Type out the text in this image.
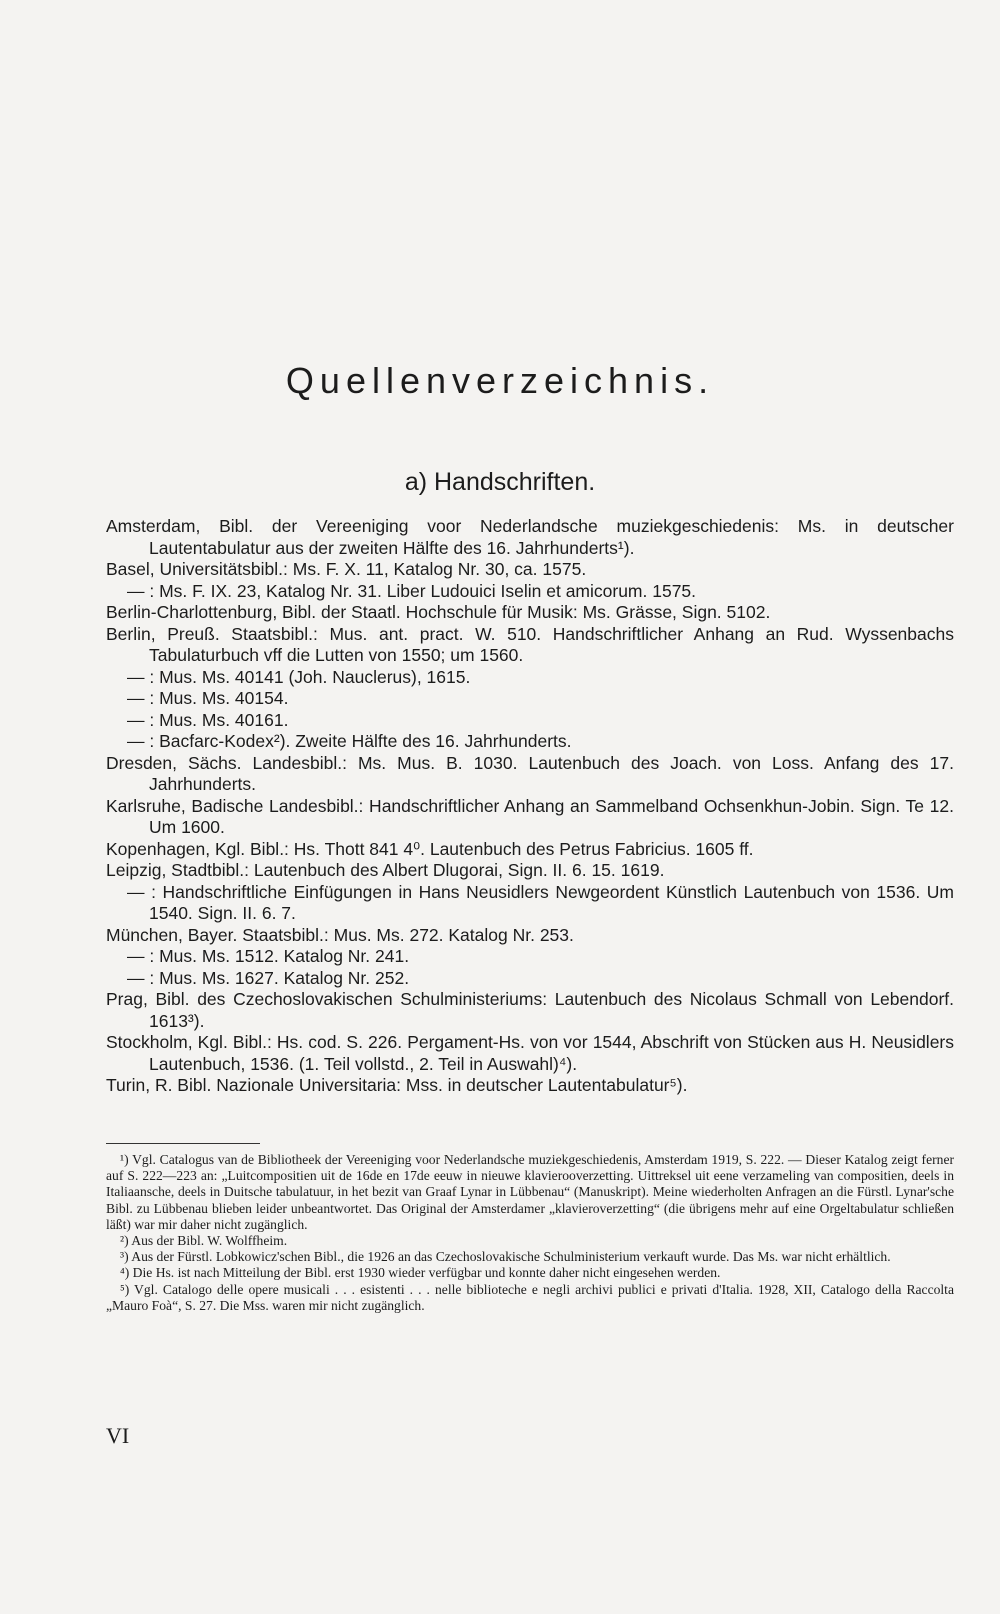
Quellenverzeichnis.
a) Handschriften.
Amsterdam, Bibl. der Vereeniging voor Nederlandsche muziekgeschiedenis: Ms. in deutscher Lautentabulatur aus der zweiten Hälfte des 16. Jahrhunderts¹).
Basel, Universitätsbibl.: Ms. F. X. 11, Katalog Nr. 30, ca. 1575.
— : Ms. F. IX. 23, Katalog Nr. 31. Liber Ludouici Iselin et amicorum. 1575.
Berlin-Charlottenburg, Bibl. der Staatl. Hochschule für Musik: Ms. Grässe, Sign. 5102.
Berlin, Preuß. Staatsbibl.: Mus. ant. pract. W. 510. Handschriftlicher Anhang an Rud. Wyssenbachs Tabulaturbuch vff die Lutten von 1550; um 1560.
— : Mus. Ms. 40141 (Joh. Nauclerus), 1615.
— : Mus. Ms. 40154.
— : Mus. Ms. 40161.
— : Bacfarc-Kodex²). Zweite Hälfte des 16. Jahrhunderts.
Dresden, Sächs. Landesbibl.: Ms. Mus. B. 1030. Lautenbuch des Joach. von Loss. Anfang des 17. Jahrhunderts.
Karlsruhe, Badische Landesbibl.: Handschriftlicher Anhang an Sammelband Ochsenkhun-Jobin. Sign. Te 12. Um 1600.
Kopenhagen, Kgl. Bibl.: Hs. Thott 841 4⁰. Lautenbuch des Petrus Fabricius. 1605 ff.
Leipzig, Stadtbibl.: Lautenbuch des Albert Dlugorai, Sign. II. 6. 15. 1619.
— : Handschriftliche Einfügungen in Hans Neusidlers Newgeordent Künstlich Lautenbuch von 1536. Um 1540. Sign. II. 6. 7.
München, Bayer. Staatsbibl.: Mus. Ms. 272. Katalog Nr. 253.
— : Mus. Ms. 1512. Katalog Nr. 241.
— : Mus. Ms. 1627. Katalog Nr. 252.
Prag, Bibl. des Czechoslovakischen Schulministeriums: Lautenbuch des Nicolaus Schmall von Lebendorf. 1613³).
Stockholm, Kgl. Bibl.: Hs. cod. S. 226. Pergament-Hs. von vor 1544, Abschrift von Stücken aus H. Neusidlers Lautenbuch, 1536. (1. Teil vollstd., 2. Teil in Auswahl)⁴).
Turin, R. Bibl. Nazionale Universitaria: Mss. in deutscher Lautentabulatur⁵).
¹) Vgl. Catalogus van de Bibliotheek der Vereeniging voor Nederlandsche muziekgeschiedenis, Amsterdam 1919, S. 222. — Dieser Katalog zeigt ferner auf S. 222—223 an: „Luitcompositien uit de 16de en 17de eeuw in nieuwe klavierooverzetting. Uittreksel uit eene verzameling van compositien, deels in Italiaansche, deels in Duitsche tabulatuur, in het bezit van Graaf Lynar in Lübbenau“ (Manuskript). Meine wiederholten Anfragen an die Fürstl. Lynar'sche Bibl. zu Lübbenau blieben leider unbeantwortet. Das Original der Amsterdamer „klavieroverzetting“ (die übrigens mehr auf eine Orgeltabulatur schließen läßt) war mir daher nicht zugänglich.
²) Aus der Bibl. W. Wolffheim.
³) Aus der Fürstl. Lobkowicz'schen Bibl., die 1926 an das Czechoslovakische Schulministerium verkauft wurde. Das Ms. war nicht erhältlich.
⁴) Die Hs. ist nach Mitteilung der Bibl. erst 1930 wieder verfügbar und konnte daher nicht eingesehen werden.
⁵) Vgl. Catalogo delle opere musicali . . . esistenti . . . nelle biblioteche e negli archivi publici e privati d'Italia. 1928, XII, Catalogo della Raccolta „Mauro Foà“, S. 27. Die Mss. waren mir nicht zugänglich.
VI
